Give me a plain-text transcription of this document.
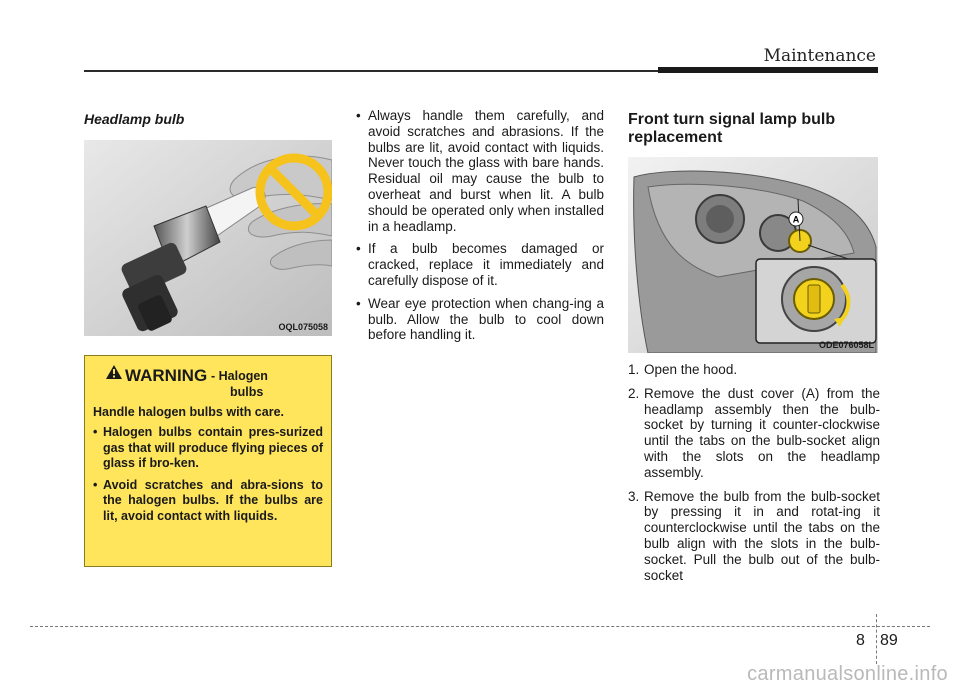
Maintenance
Headlamp bulb
OQL075058
WARNING - Halogen
bulbs
Handle halogen bulbs with care.
• Halogen bulbs contain pres-surized gas that will produce flying pieces of glass if bro-ken.
• Avoid scratches and abra-sions to the halogen bulbs. If the bulbs are lit, avoid contact with liquids.
• Always handle them carefully, and avoid scratches and abrasions. If the bulbs are lit, avoid contact with liquids. Never touch the glass with bare hands. Residual oil may cause the bulb to overheat and burst when lit. A bulb should be operated only when installed in a headlamp.
• If a bulb becomes damaged or cracked, replace it immediately and carefully dispose of it.
• Wear eye protection when chang-ing a bulb. Allow the bulb to cool down before handling it.
Front turn signal lamp bulb replacement
A
ODE076058L
1. Open the hood.
2. Remove the dust cover (A) from the headlamp assembly then the bulb-socket by turning it counter-clockwise until the tabs on the bulb-socket align with the slots on the headlamp assembly.
3. Remove the bulb from the bulb-socket by pressing it in and rotat-ing it counterclockwise until the tabs on the bulb align with the slots in the bulb-socket. Pull the bulb out of the bulb-socket
8 89
carmanualsonline.info
